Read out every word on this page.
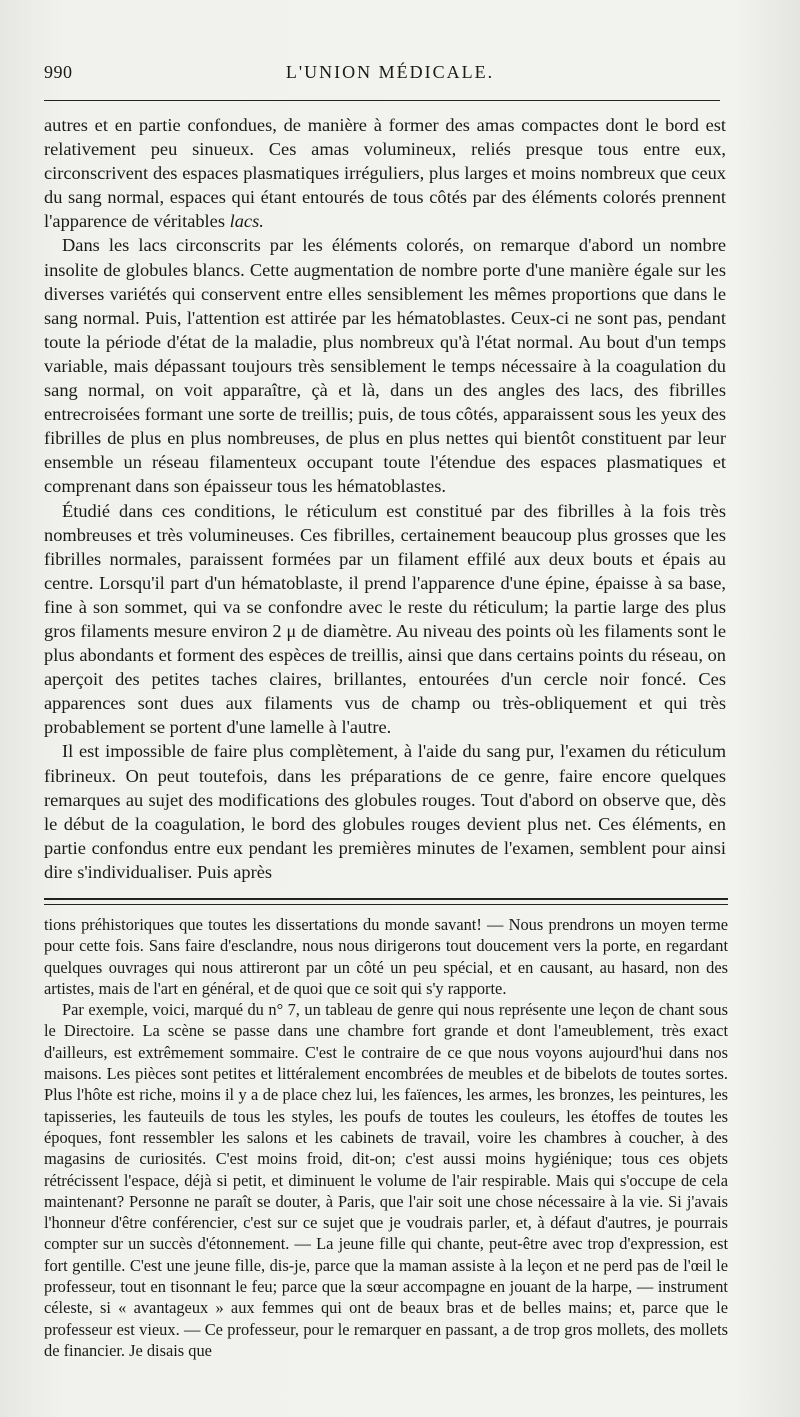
990	L'UNION MÉDICALE.

autres et en partie confondues, de manière à former des amas compactes dont le bord est relativement peu sinueux. Ces amas volumineux, reliés presque tous entre eux, circonscrivent des espaces plasmatiques irréguliers, plus larges et moins nombreux que ceux du sang normal, espaces qui étant entourés de tous côtés par des éléments colorés prennent l'apparence de véritables lacs.

Dans les lacs circonscrits par les éléments colorés, on remarque d'abord un nombre insolite de globules blancs. Cette augmentation de nombre porte d'une manière égale sur les diverses variétés qui conservent entre elles sensiblement les mêmes proportions que dans le sang normal. Puis, l'attention est attirée par les hématoblastes. Ceux-ci ne sont pas, pendant toute la période d'état de la maladie, plus nombreux qu'à l'état normal. Au bout d'un temps variable, mais dépassant toujours très sensiblement le temps nécessaire à la coagulation du sang normal, on voit apparaître, çà et là, dans un des angles des lacs, des fibrilles entrecroisées formant une sorte de treillis; puis, de tous côtés, apparaissent sous les yeux des fibrilles de plus en plus nombreuses, de plus en plus nettes qui bientôt constituent par leur ensemble un réseau filamenteux occupant toute l'étendue des espaces plasmatiques et comprenant dans son épaisseur tous les hématoblastes.

Étudié dans ces conditions, le réticulum est constitué par des fibrilles à la fois très nombreuses et très volumineuses. Ces fibrilles, certainement beaucoup plus grosses que les fibrilles normales, paraissent formées par un filament effilé aux deux bouts et épais au centre. Lorsqu'il part d'un hématoblaste, il prend l'apparence d'une épine, épaisse à sa base, fine à son sommet, qui va se confondre avec le reste du réticulum; la partie large des plus gros filaments mesure environ 2 μ de diamètre. Au niveau des points où les filaments sont le plus abondants et forment des espèces de treillis, ainsi que dans certains points du réseau, on aperçoit des petites taches claires, brillantes, entourées d'un cercle noir foncé. Ces apparences sont dues aux filaments vus de champ ou très-obliquement et qui très probablement se portent d'une lamelle à l'autre.

Il est impossible de faire plus complètement, à l'aide du sang pur, l'examen du réticulum fibrineux. On peut toutefois, dans les préparations de ce genre, faire encore quelques remarques au sujet des modifications des globules rouges. Tout d'abord on observe que, dès le début de la coagulation, le bord des globules rouges devient plus net. Ces éléments, en partie confondus entre eux pendant les premières minutes de l'examen, semblent pour ainsi dire s'individualiser. Puis après

tions préhistoriques que toutes les dissertations du monde savant! — Nous prendrons un moyen terme pour cette fois. Sans faire d'esclandre, nous nous dirigerons tout doucement vers la porte, en regardant quelques ouvrages qui nous attireront par un côté un peu spécial, et en causant, au hasard, non des artistes, mais de l'art en général, et de quoi que ce soit qui s'y rapporte.

Par exemple, voici, marqué du n° 7, un tableau de genre qui nous représente une leçon de chant sous le Directoire. La scène se passe dans une chambre fort grande et dont l'ameublement, très exact d'ailleurs, est extrêmement sommaire. C'est le contraire de ce que nous voyons aujourd'hui dans nos maisons. Les pièces sont petites et littéralement encombrées de meubles et de bibelots de toutes sortes. Plus l'hôte est riche, moins il y a de place chez lui, les faïences, les armes, les bronzes, les peintures, les tapisseries, les fauteuils de tous les styles, les poufs de toutes les couleurs, les étoffes de toutes les époques, font ressembler les salons et les cabinets de travail, voire les chambres à coucher, à des magasins de curiosités. C'est moins froid, dit-on; c'est aussi moins hygiénique; tous ces objets rétrécissent l'espace, déjà si petit, et diminuent le volume de l'air respirable. Mais qui s'occupe de cela maintenant? Personne ne paraît se douter, à Paris, que l'air soit une chose nécessaire à la vie. Si j'avais l'honneur d'être conférencier, c'est sur ce sujet que je voudrais parler, et, à défaut d'autres, je pourrais compter sur un succès d'étonnement. — La jeune fille qui chante, peut-être avec trop d'expression, est fort gentille. C'est une jeune fille, dis-je, parce que la maman assiste à la leçon et ne perd pas de l'œil le professeur, tout en tisonnant le feu; parce que la sœur accompagne en jouant de la harpe, — instrument céleste, si « avantageux » aux femmes qui ont de beaux bras et de belles mains; et, parce que le professeur est vieux. — Ce professeur, pour le remarquer en passant, a de trop gros mollets, des mollets de financier. Je disais que
